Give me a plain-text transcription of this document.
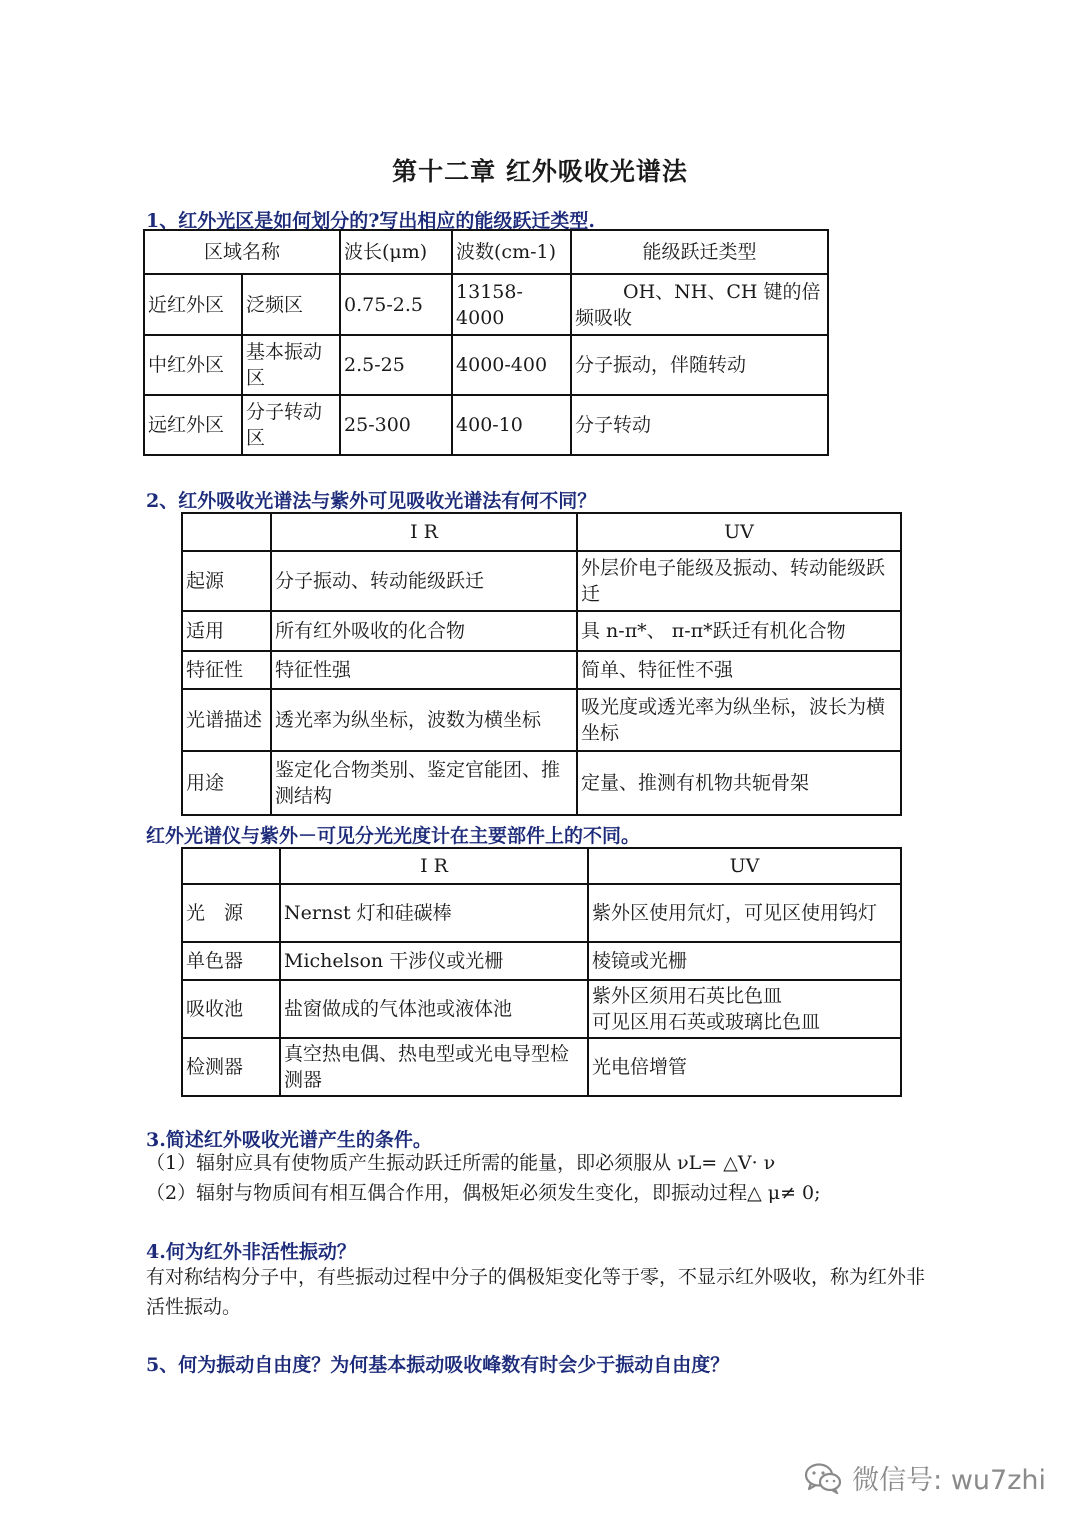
第十二章 红外吸收光谱法
1、红外光区是如何划分的?写出相应的能级跃迁类型.
区域名称		波长(μm)	波数(cm-1)	能级跃迁类型
近红外区	泛频区	0.75-2.5	13158-4000	OH、NH、CH 键的倍频吸收
中红外区	基本振动区	2.5-25	4000-400	分子振动，伴随转动
远红外区	分子转动区	25-300	400-10	分子转动
2、红外吸收光谱法与紫外可见吸收光谱法有何不同？
	I R	UV
起源	分子振动、转动能级跃迁	外层价电子能级及振动、转动能级跃迁
适用	所有红外吸收的化合物	具 n-π*、 π-π*跃迁有机化合物
特征性	特征性强	简单、特征性不强
光谱描述	透光率为纵坐标，波数为横坐标	吸光度或透光率为纵坐标，波长为横坐标
用途	鉴定化合物类别、鉴定官能团、推测结构	定量、推测有机物共轭骨架
红外光谱仪与紫外－可见分光光度计在主要部件上的不同。
	I R	UV
光　源	Nernst 灯和硅碳棒	紫外区使用氘灯，可见区使用钨灯
单色器	Michelson 干涉仪或光栅	棱镜或光栅
吸收池	盐窗做成的气体池或液体池	紫外区须用石英比色皿
可见区用石英或玻璃比色皿

检测器	真空热电偶、热电型或光电导型检测器	光电倍增管
3.简述红外吸收光谱产生的条件。
（1）辐射应具有使物质产生振动跃迁所需的能量，即必须服从 νL= △V· ν
（2）辐射与物质间有相互偶合作用，偶极矩必须发生变化，即振动过程△ μ≠ 0;
4.何为红外非活性振动？
有对称结构分子中，有些振动过程中分子的偶极矩变化等于零，不显示红外吸收，称为红外非活性振动。
5、何为振动自由度？为何基本振动吸收峰数有时会少于振动自由度？
微信号: wu7zhi
